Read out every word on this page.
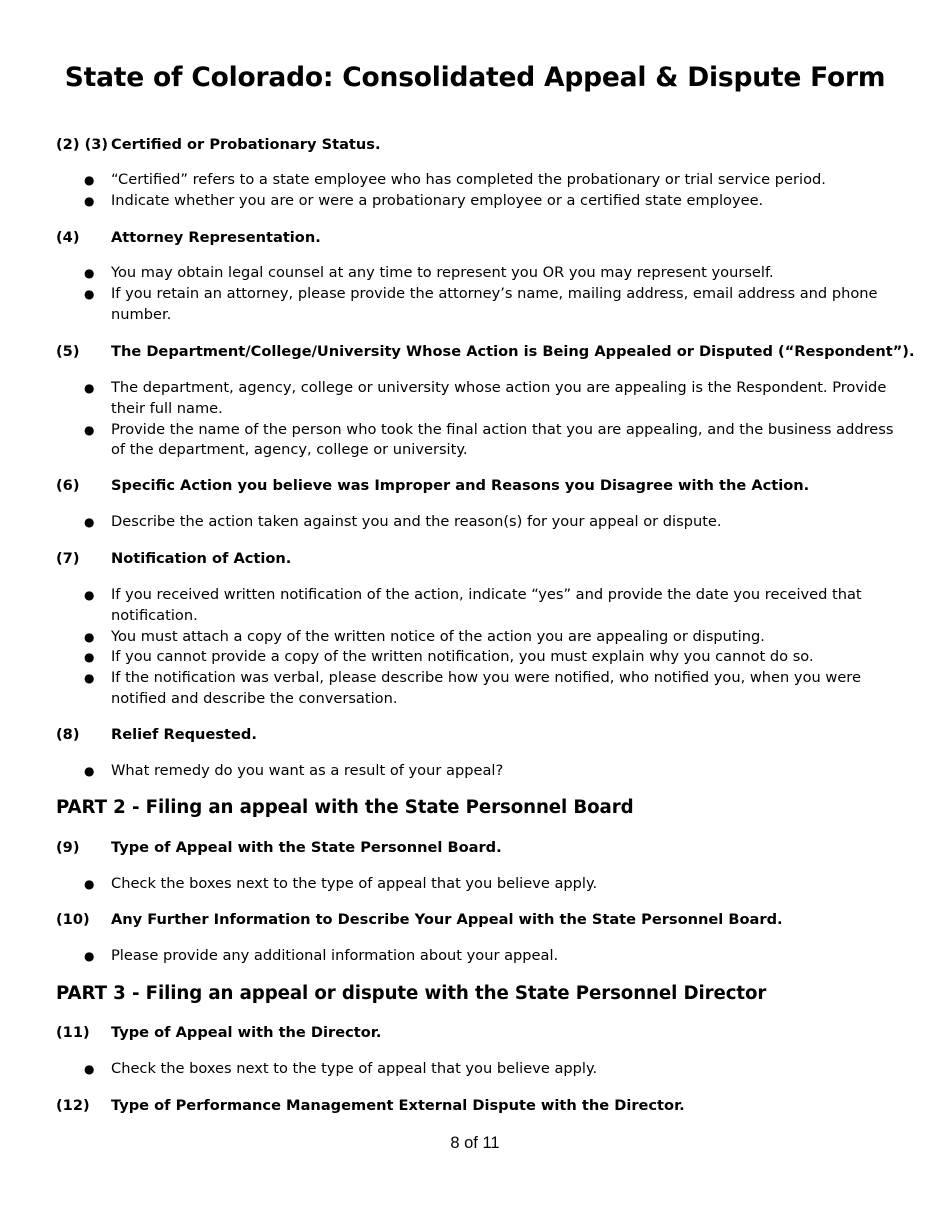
State of Colorado: Consolidated Appeal & Dispute Form
(2) (3) Certified or Probationary Status.
● “Certified” refers to a state employee who has completed the probationary or trial service period.
● Indicate whether you are or were a probationary employee or a certified state employee.
(4) Attorney Representation.
● You may obtain legal counsel at any time to represent you OR you may represent yourself.
● If you retain an attorney, please provide the attorney’s name, mailing address, email address and phone number.
(5) The Department/College/University Whose Action is Being Appealed or Disputed (“Respondent”).
● The department, agency, college or university whose action you are appealing is the Respondent. Provide their full name.
● Provide the name of the person who took the final action that you are appealing, and the business address of the department, agency, college or university.
(6) Specific Action you believe was Improper and Reasons you Disagree with the Action.
● Describe the action taken against you and the reason(s) for your appeal or dispute.
(7) Notification of Action.
● If you received written notification of the action, indicate “yes” and provide the date you received that notification.
● You must attach a copy of the written notice of the action you are appealing or disputing.
● If you cannot provide a copy of the written notification, you must explain why you cannot do so.
● If the notification was verbal, please describe how you were notified, who notified you, when you were notified and describe the conversation.
(8) Relief Requested.
● What remedy do you want as a result of your appeal?
PART 2 - Filing an appeal with the State Personnel Board
(9) Type of Appeal with the State Personnel Board.
● Check the boxes next to the type of appeal that you believe apply.
(10) Any Further Information to Describe Your Appeal with the State Personnel Board.
● Please provide any additional information about your appeal.
PART 3 - Filing an appeal or dispute with the State Personnel Director
(11) Type of Appeal with the Director.
● Check the boxes next to the type of appeal that you believe apply.
(12) Type of Performance Management External Dispute with the Director.
8 of 11
